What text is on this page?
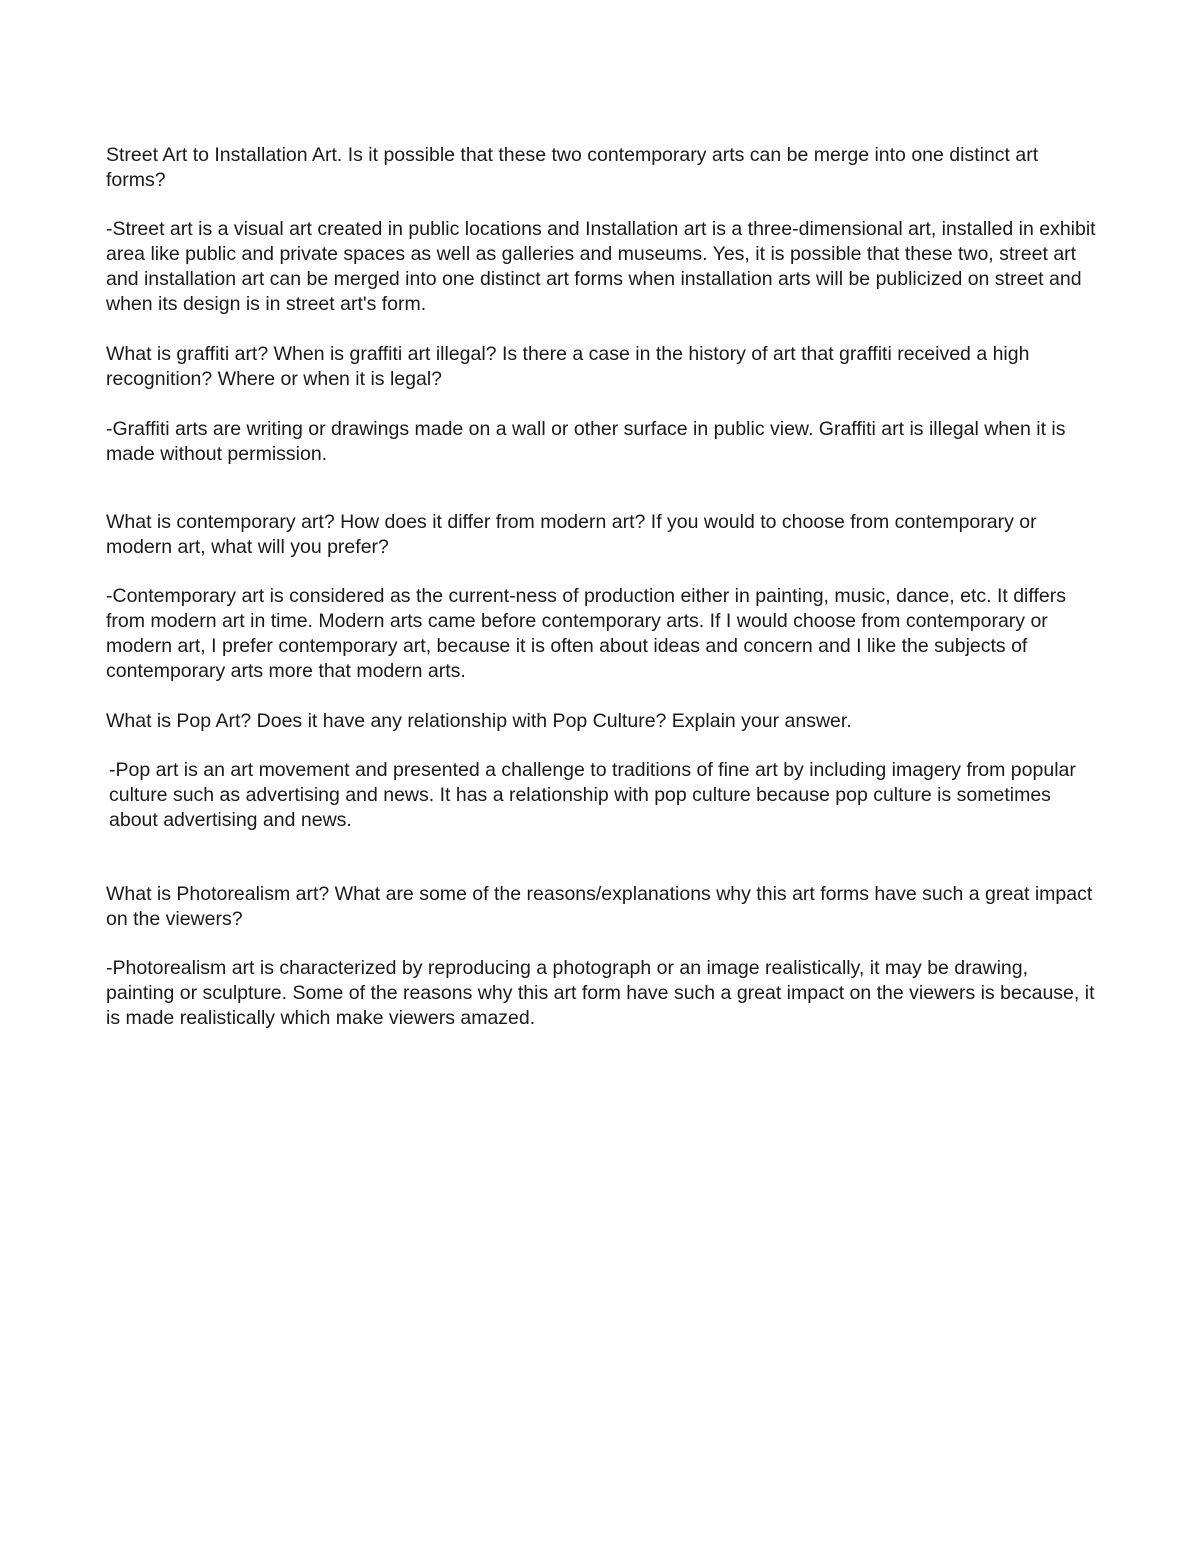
Street Art to Installation Art. Is it possible that these two contemporary arts can be merge into one distinct art forms?

-Street art is a visual art created in public locations and Installation art is a three-dimensional art, installed in exhibit area like public and private spaces as well as galleries and museums. Yes, it is possible that these two, street art and installation art can be merged into one distinct art forms when installation arts will be publicized on street and when its design is in street art's form.

What is graffiti art? When is graffiti art illegal? Is there a case in the history of art that graffiti received a high recognition? Where or when it is legal?

-Graffiti arts are writing or drawings made on a wall or other surface in public view. Graffiti art is illegal when it is made without permission.

What is contemporary art? How does it differ from modern art? If you would to choose from contemporary or modern art, what will you prefer?

-Contemporary art is considered as the current-ness of production either in painting, music, dance, etc. It differs from modern art in time. Modern arts came before contemporary arts. If I would choose from contemporary or modern art, I prefer contemporary art, because it is often about ideas and concern and I like the subjects of contemporary arts more that modern arts.

What is Pop Art? Does it have any relationship with Pop Culture? Explain your answer.

-Pop art is an art movement and presented a challenge to traditions of fine art by including imagery from popular culture such as advertising and news. It has a relationship with pop culture because pop culture is sometimes about advertising and news.

What is Photorealism art? What are some of the reasons/explanations why this art forms have such a great impact on the viewers?

-Photorealism art is characterized by reproducing a photograph or an image realistically, it may be drawing, painting or sculpture. Some of the reasons why this art form have such a great impact on the viewers is because, it is made realistically which make viewers amazed.
